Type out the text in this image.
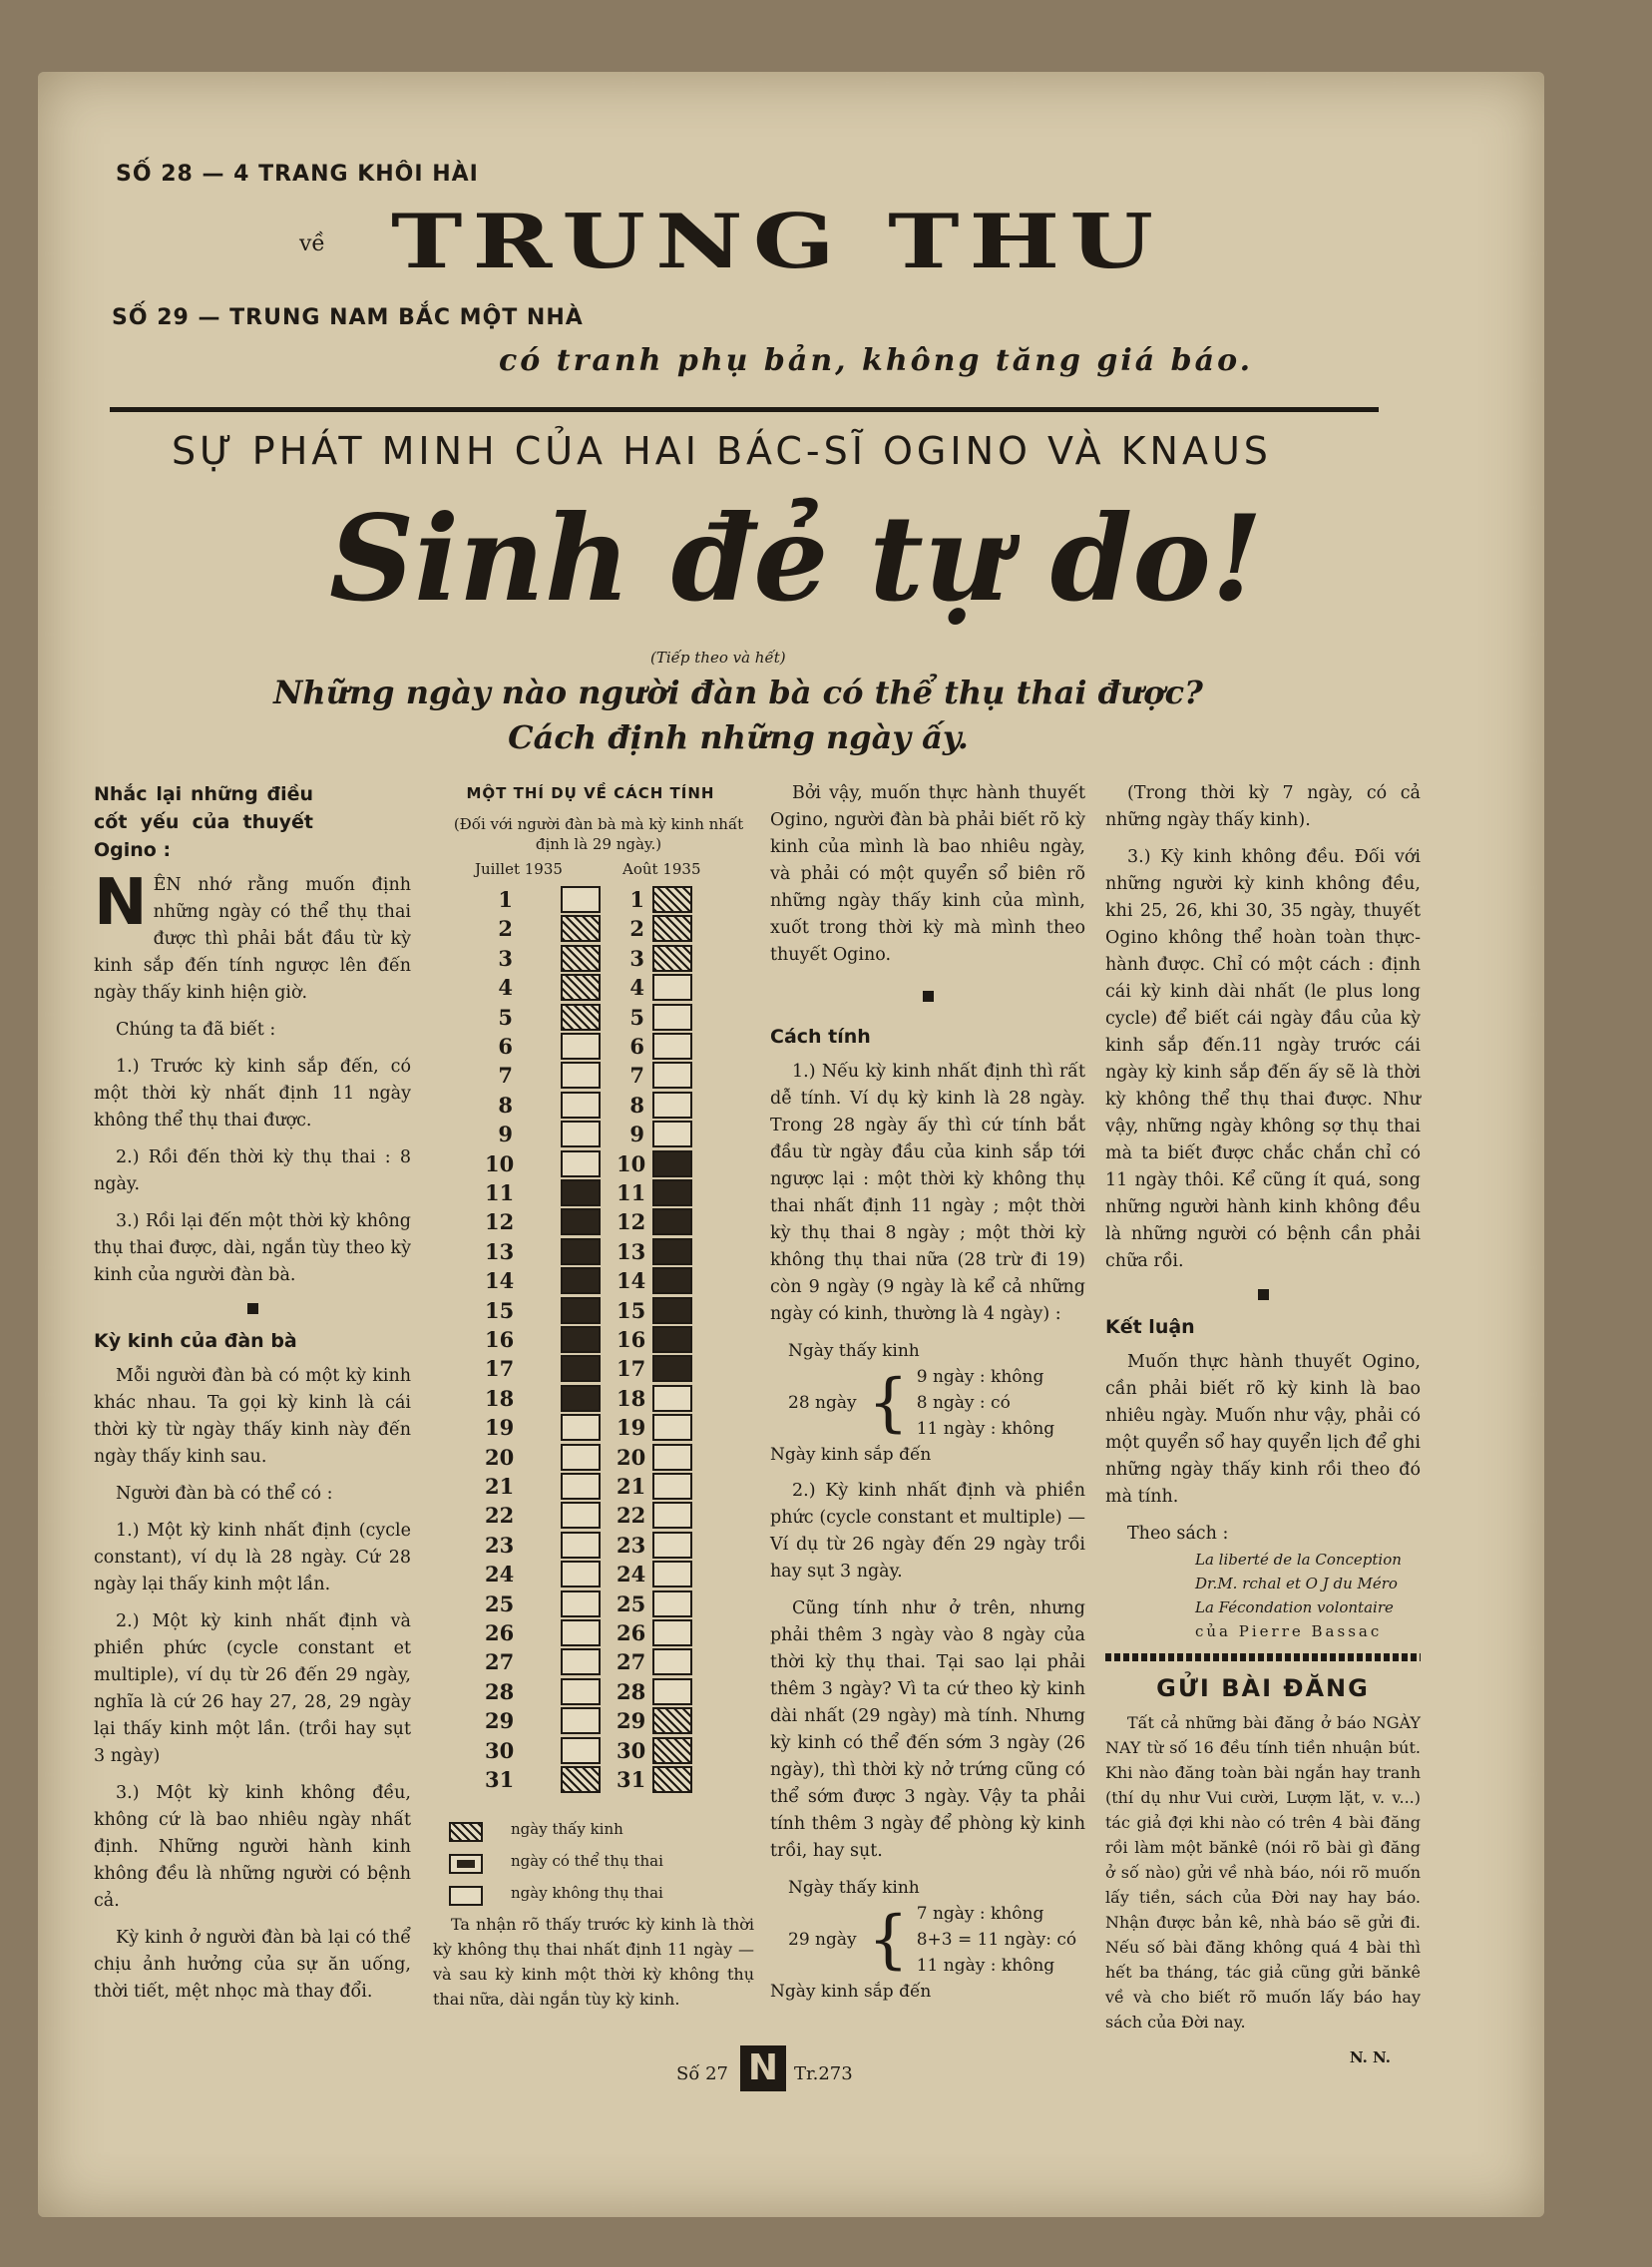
SỐ 28 — 4 TRANG KHÔI HÀI
về TRUNG THU
SỐ 29 — TRUNG NAM BẮC MỘT NHÀ
có tranh phụ bản, không tăng giá báo.
SỰ PHÁT MINH CỦA HAI BÁC-SĨ OGINO VÀ KNAUS
Sinh đẻ tự do!
(Tiếp theo và hết)
Những ngày nào người đàn bà có thể thụ thai được?
Cách định những ngày ấy.
Nhắc lại những điều cốt yếu của thuyết Ogino :

NÊN nhớ rằng muốn định những ngày có thể thụ thai được thì phải bắt đầu từ kỳ kinh sắp đến tính ngược lên đến ngày thấy kinh hiện giờ.

Chúng ta đã biết :

1.) Trước kỳ kinh sắp đến, có một thời kỳ nhất định 11 ngày không thể thụ thai được.

2.) Rồi đến thời kỳ thụ thai : 8 ngày.

3.) Rồi lại đến một thời kỳ không thụ thai được, dài, ngắn tùy theo kỳ kinh của người đàn bà.

Kỳ kinh của đàn bà

Mỗi người đàn bà có một kỳ kinh khác nhau. Ta gọi kỳ kinh là cái thời kỳ từ ngày thấy kinh này đến ngày thấy kinh sau.

Người đàn bà có thể có :

1.) Một kỳ kinh nhất định (cycle constant), ví dụ là 28 ngày. Cứ 28 ngày lại thấy kinh một lần.

2.) Một kỳ kinh nhất định và phiền phức (cycle constant et multiple), ví dụ từ 26 đến 29 ngày, nghĩa là cứ 26 hay 27, 28, 29 ngày lại thấy kinh một lần. (trồi hay sụt 3 ngày)

3.) Một kỳ kinh không đều, không cứ là bao nhiêu ngày nhất định. Những người hành kinh không đều là những người có bệnh cả.

Kỳ kinh ở người đàn bà lại có thể chịu ảnh hưởng của sự ăn uống, thời tiết, mệt nhọc mà thay đổi.

MỘT THÍ DỤ VỀ CÁCH TÍNH
(Đối với người đàn bà mà kỳ kinh nhất định là 29 ngày.)
Juillet 1935	Août 1935
1	1
2	2
3	3
4	4
5	5
6	6
7	7
8	8
9	9
10	10
11	11
12	12
13	13
14	14
15	15
16	16
17	17
18	18
19	19
20	20
21	21
22	22
23	23
24	24
25	25
26	26
27	27
28	28
29	29
30	30
31	31
ngày thấy kinh
ngày có thể thụ thai
ngày không thụ thai
Ta nhận rõ thấy trước kỳ kinh là thời kỳ không thụ thai nhất định 11 ngày — và sau kỳ kinh một thời kỳ không thụ thai nữa, dài ngắn tùy kỳ kinh.

Bởi vậy, muốn thực hành thuyết Ogino, người đàn bà phải biết rõ kỳ kinh của mình là bao nhiêu ngày, và phải có một quyển sổ biên rõ những ngày thấy kinh của mình, xuốt trong thời kỳ mà mình theo thuyết Ogino.

Cách tính

1.) Nếu kỳ kinh nhất định thì rất dễ tính. Ví dụ kỳ kinh là 28 ngày. Trong 28 ngày ấy thì cứ tính bắt đầu từ ngày đầu của kinh sắp tới ngược lại : một thời kỳ không thụ thai nhất định 11 ngày ; một thời kỳ thụ thai 8 ngày ; một thời kỳ không thụ thai nữa (28 trừ đi 19) còn 9 ngày (9 ngày là kể cả những ngày có kinh, thường là 4 ngày) :

Ngày thấy kinh
28 ngày { 9 ngày : không
8 ngày : có
11 ngày : không
Ngày kinh sắp đến

2.) Kỳ kinh nhất định và phiền phức (cycle constant et multiple) — Ví dụ từ 26 ngày đến 29 ngày trồi hay sụt 3 ngày.

Cũng tính như ở trên, nhưng phải thêm 3 ngày vào 8 ngày của thời kỳ thụ thai. Tại sao lại phải thêm 3 ngày? Vì ta cứ theo kỳ kinh dài nhất (29 ngày) mà tính. Nhưng kỳ kinh có thể đến sớm 3 ngày (26 ngày), thì thời kỳ nở trứng cũng có thể sớm được 3 ngày. Vậy ta phải tính thêm 3 ngày để phòng kỳ kinh trồi, hay sụt.

Ngày thấy kinh
29 ngày { 7 ngày : không
8+3 = 11 ngày: có
11 ngày : không
Ngày kinh sắp đến

(Trong thời kỳ 7 ngày, có cả những ngày thấy kinh).

3.) Kỳ kinh không đều. Đối với những người kỳ kinh không đều, khi 25, 26, khi 30, 35 ngày, thuyết Ogino không thể hoàn toàn thực-hành được. Chỉ có một cách : định cái kỳ kinh dài nhất (le plus long cycle) để biết cái ngày đầu của kỳ kinh sắp đến.11 ngày trước cái ngày kỳ kinh sắp đến ấy sẽ là thời kỳ không thể thụ thai được. Như vậy, những ngày không sợ thụ thai mà ta biết được chắc chắn chỉ có 11 ngày thôi. Kể cũng ít quá, song những người hành kinh không đều là những người có bệnh cần phải chữa rồi.

Kết luận

Muốn thực hành thuyết Ogino, cần phải biết rõ kỳ kinh là bao nhiêu ngày. Muốn như vậy, phải có một quyển sổ hay quyển lịch để ghi những ngày thấy kinh rồi theo đó mà tính.

Theo sách :

La liberté de la Conception
Dr.M. rchal et O J du Méro
La Fécondation volontaire
của Pierre Bassac
GỬI BÀI ĐĂNG

Tất cả những bài đăng ở báo NGÀY NAY từ số 16 đều tính tiền nhuận bút. Khi nào đăng toàn bài ngắn hay tranh (thí dụ như Vui cười, Lượm lặt, v. v...) tác giả đợi khi nào có trên 4 bài đăng rồi làm một bănkê (nói rõ bài gì đăng ở số nào) gửi về nhà báo, nói rõ muốn lấy tiền, sách của Đời nay hay báo. Nhận được bản kê, nhà báo sẽ gửi đi. Nếu số bài đăng không quá 4 bài thì hết ba tháng, tác giả cũng gửi bănkê về và cho biết rõ muốn lấy báo hay sách của Đời nay.

N. N.
Số 27 N Tr.273
